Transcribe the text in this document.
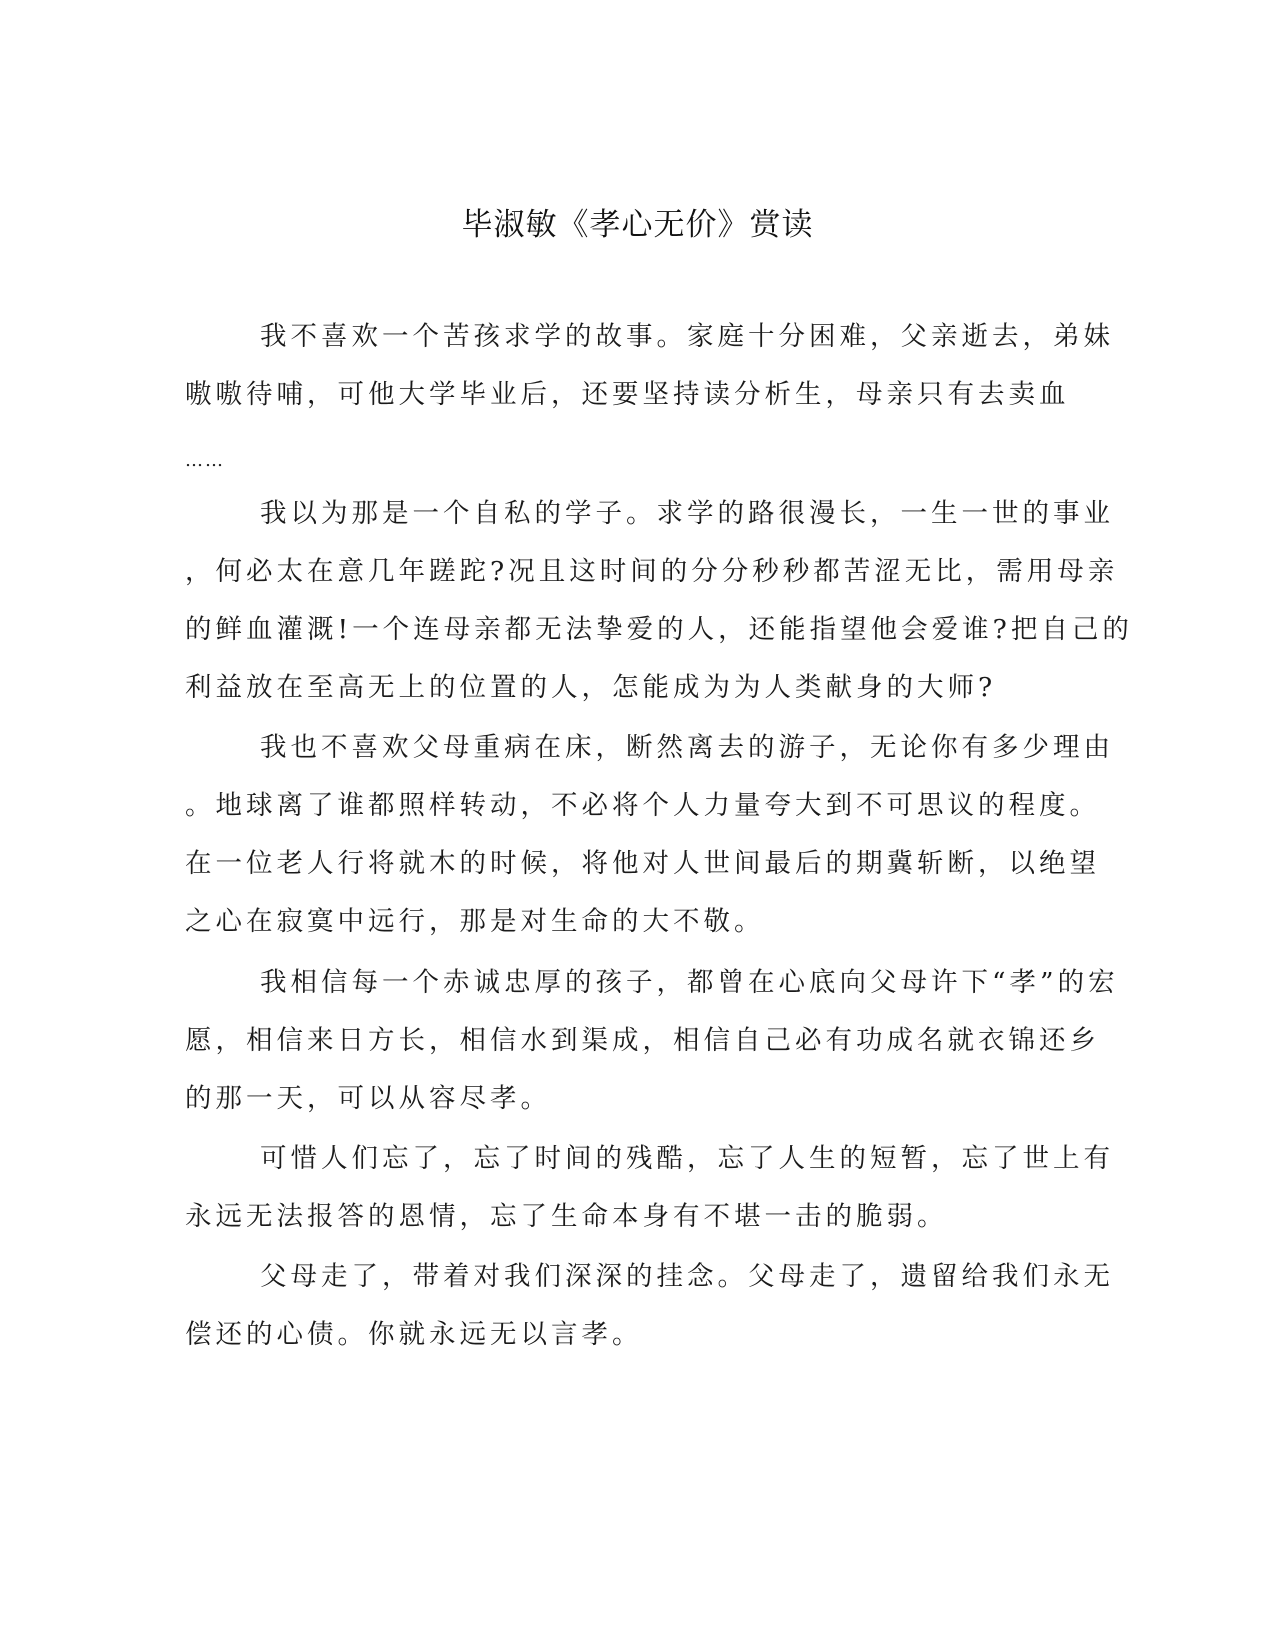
毕淑敏《孝心无价》赏读
我不喜欢一个苦孩求学的故事。家庭十分困难，父亲逝去，弟妹
嗷嗷待哺，可他大学毕业后，还要坚持读分析生，母亲只有去卖血
……
我以为那是一个自私的学子。求学的路很漫长，一生一世的事业
，何必太在意几年蹉跎?况且这时间的分分秒秒都苦涩无比，需用母亲
的鲜血灌溉!一个连母亲都无法挚爱的人，还能指望他会爱谁?把自己的
利益放在至高无上的位置的人，怎能成为为人类献身的大师?
我也不喜欢父母重病在床，断然离去的游子，无论你有多少理由
。地球离了谁都照样转动，不必将个人力量夸大到不可思议的程度。
在一位老人行将就木的时候，将他对人世间最后的期冀斩断，以绝望
之心在寂寞中远行，那是对生命的大不敬。
我相信每一个赤诚忠厚的孩子，都曾在心底向父母许下“孝”的宏
愿，相信来日方长，相信水到渠成，相信自己必有功成名就衣锦还乡
的那一天，可以从容尽孝。
可惜人们忘了，忘了时间的残酷，忘了人生的短暂，忘了世上有
永远无法报答的恩情，忘了生命本身有不堪一击的脆弱。
父母走了，带着对我们深深的挂念。父母走了，遗留给我们永无
偿还的心债。你就永远无以言孝。
